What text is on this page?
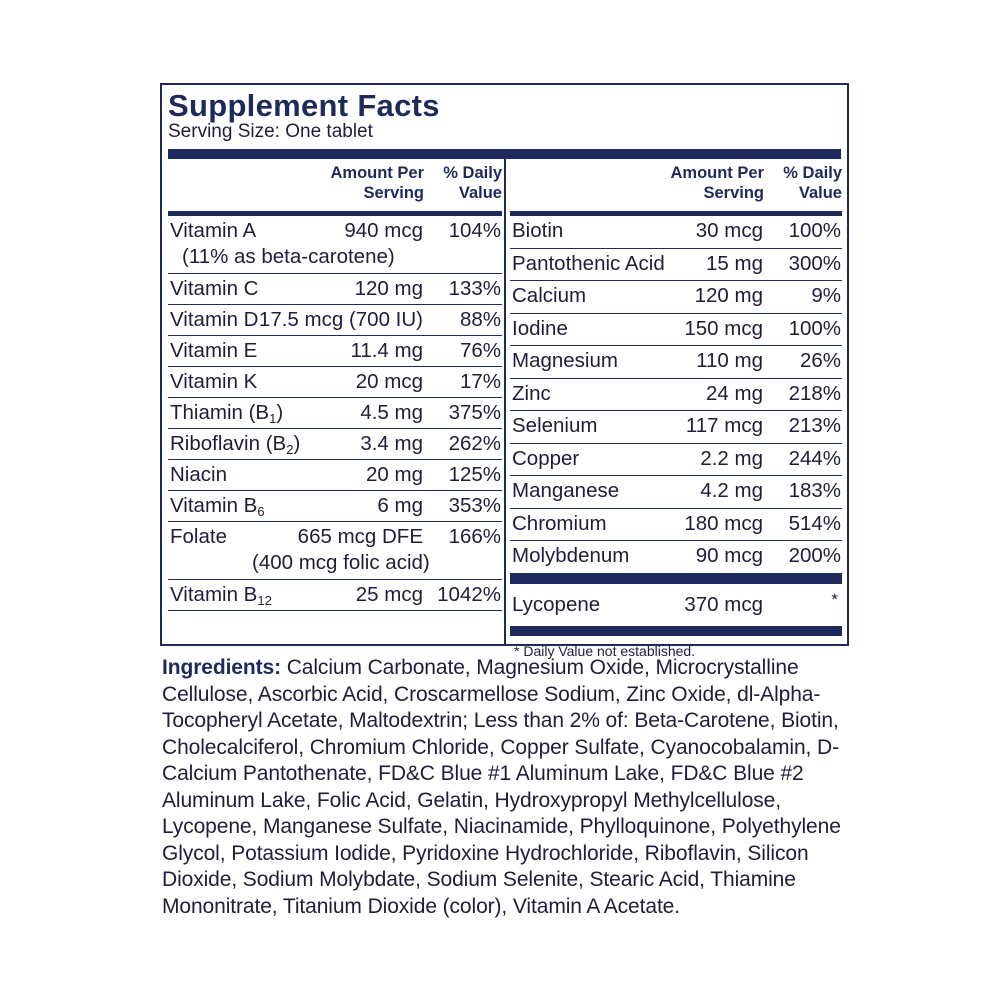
Supplement Facts
Serving Size: One tablet
Amount Per
Serving
% Daily
Value
Vitamin A	940 mcg 104%
(11% as beta-carotene)
Vitamin C	120 mg 133%
Vitamin D 17.5 mcg (700 IU) 88%
Vitamin E	11.4 mg 76%
Vitamin K	20 mcg 17%
Thiamin $(B_1)$	4.5 mg 375%
Riboflavin $(B_2)$	3.4 mg 262%
Niacin	20 mg 125%
Vitamin $B_6$	6 mg 353%
Folate	665 mcg DFE 166%
(400 mcg folic acid)
Vitamin $B_{12}$	25 mcg 1042%
Amount Per
Serving
% Daily
Value
Biotin	30 mcg 100%
Pantothenic Acid 15 mg 300%
Calcium	120 mg 9%
Iodine	150 mcg 100%
Magnesium	110 mg 26%
Zinc	24 mg 218%
Selenium	117 mcg 213%
Copper	2.2 mg 244%
Manganese	4.2 mg 183%
Chromium	180 mcg 514%
Molybdenum	90 mcg 200%
Lycopene	370 mcg	*
* Daily Value not established.
Ingredients: Calcium Carbonate, Magnesium Oxide, Microcrystalline Cellulose, Ascorbic Acid, Croscarmellose Sodium, Zinc Oxide, dl-Alpha-Tocopheryl Acetate, Maltodextrin; Less than 2% of: Beta-Carotene, Biotin, Cholecalciferol, Chromium Chloride, Copper Sulfate, Cyanocobalamin, D-Calcium Pantothenate, FD&C Blue #1 Aluminum Lake, FD&C Blue #2 Aluminum Lake, Folic Acid, Gelatin, Hydroxypropyl Methylcellulose, Lycopene, Manganese Sulfate, Niacinamide, Phylloquinone, Polyethylene Glycol, Potassium Iodide, Pyridoxine Hydrochloride, Riboflavin, Silicon Dioxide, Sodium Molybdate, Sodium Selenite, Stearic Acid, Thiamine Mononitrate, Titanium Dioxide (color), Vitamin A Acetate.
